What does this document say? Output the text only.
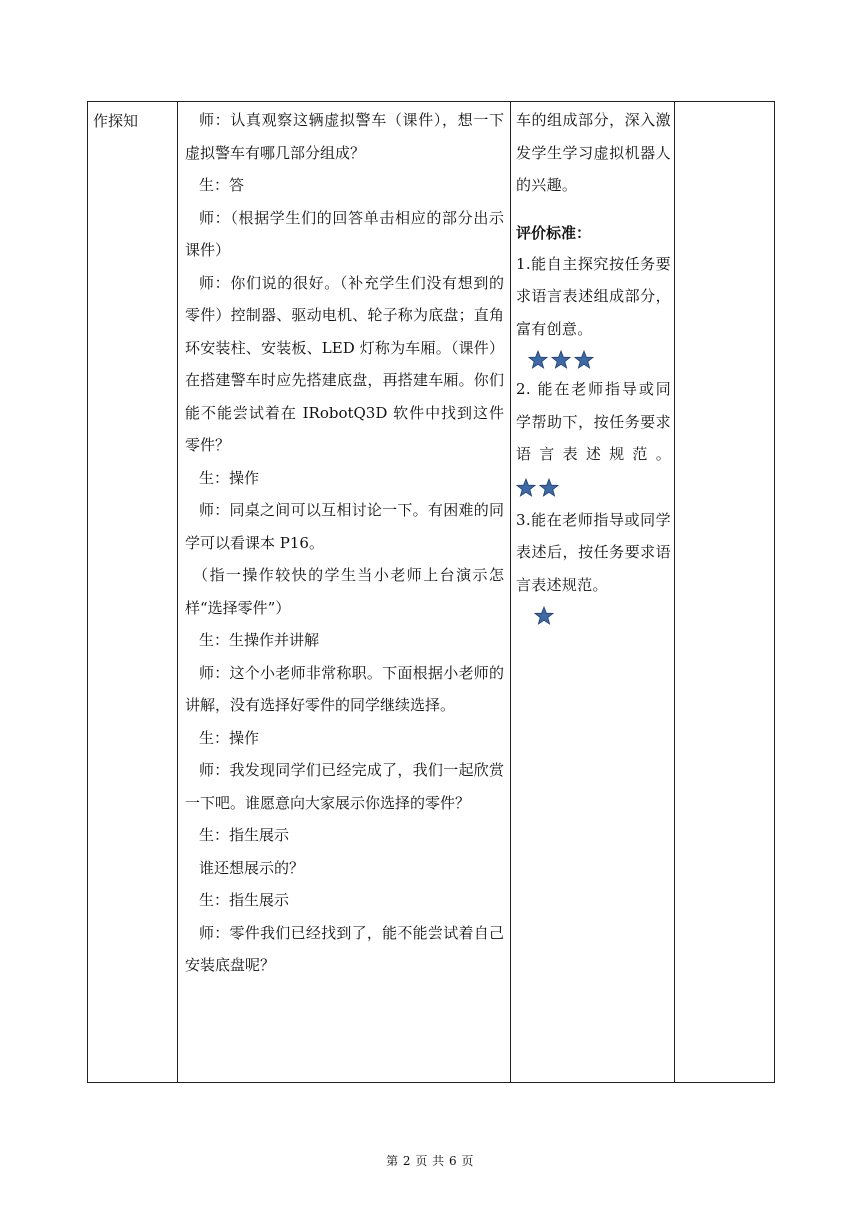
作探知	师：认真观察这辆虚拟警车（课件），想一下虚拟警车有哪几部分组成？

生：答

师：（根据学生们的回答单击相应的部分出示课件）

师：你们说的很好。（补充学生们没有想到的零件）控制器、驱动电机、轮子称为底盘；直角环安装柱、安装板、LED 灯称为车厢。（课件）在搭建警车时应先搭建底盘，再搭建车厢。你们能不能尝试着在 IRobotQ3D 软件中找到这件零件？

生：操作

师：同桌之间可以互相讨论一下。有困难的同学可以看课本 P16。

（指一操作较快的学生当小老师上台演示怎样“选择零件”）

生：生操作并讲解

师：这个小老师非常称职。下面根据小老师的讲解，没有选择好零件的同学继续选择。

生：操作

师：我发现同学们已经完成了，我们一起欣赏一下吧。谁愿意向大家展示你选择的零件？

生：指生展示

谁还想展示的？

生：指生展示

师：零件我们已经找到了，能不能尝试着自己安装底盘呢？

车的组成部分，深入激发学生学习虚拟机器人的兴趣。

评价标准：

1.能自主探究按任务要求语言表述组成部分，富有创意。

2. 能在老师指导或同学帮助下，按任务要求语言表述规范。

3.能在老师指导或同学表述后，按任务要求语言表述规范。

第 2 页 共 6 页
